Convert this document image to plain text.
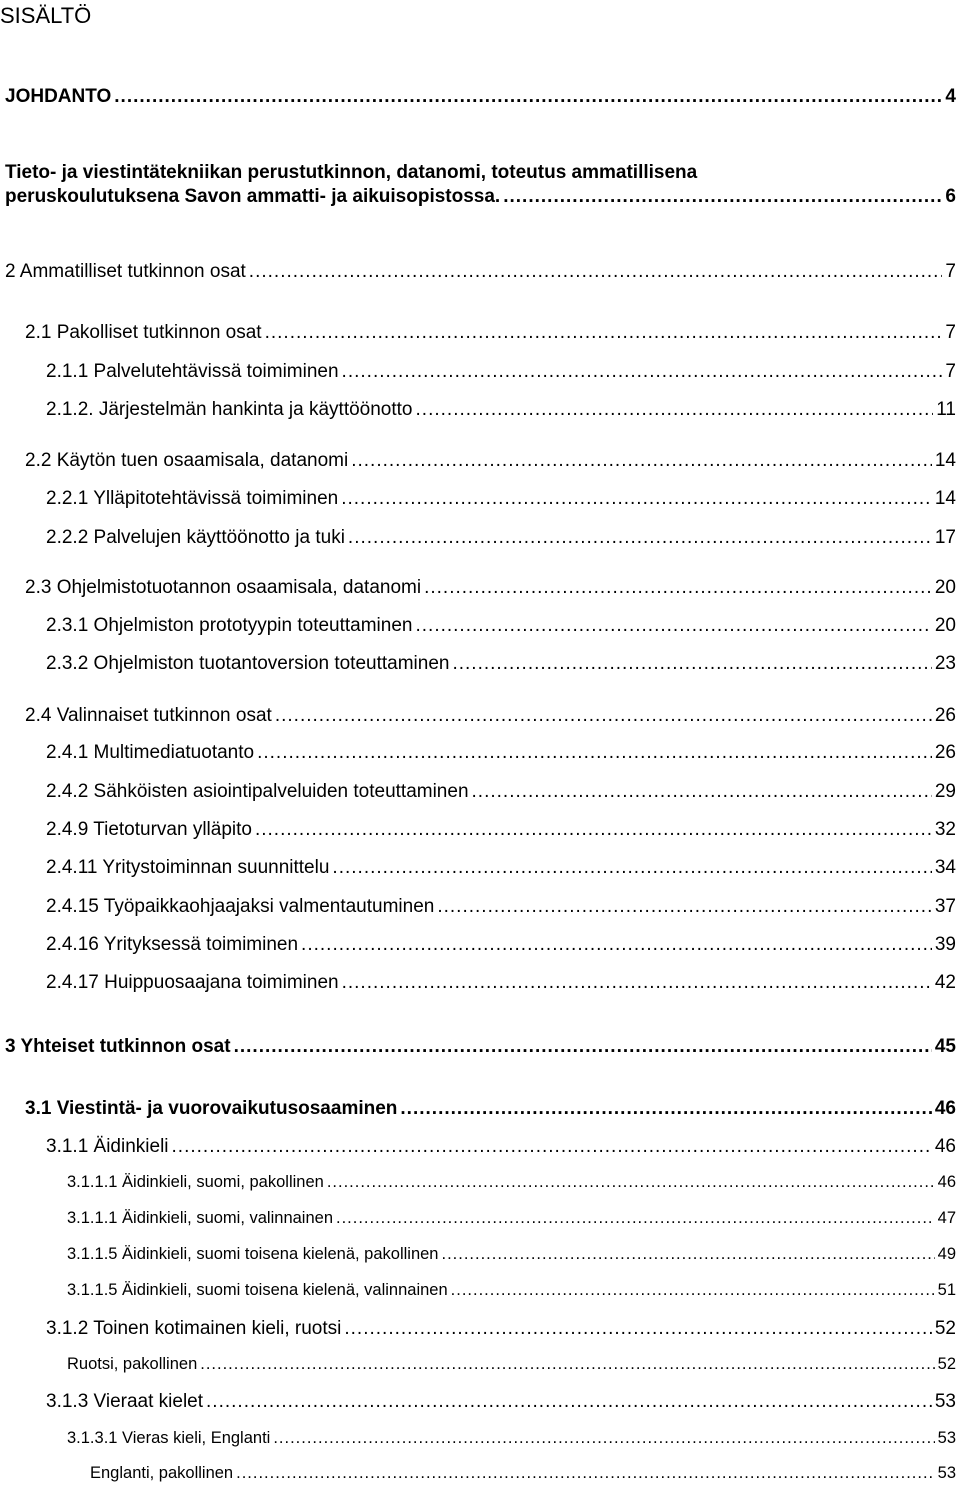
SISÄLTÖ
JOHDANTO .....	4
Tieto- ja viestintätekniikan perustutkinnon, datanomi, toteutus ammatillisena
peruskoulutuksena Savon ammatti- ja aikuisopistossa. .....	6
2 Ammatilliset tutkinnon osat .....	7
2.1 Pakolliset tutkinnon osat .....	7
2.1.1 Palvelutehtävissä toimiminen .....	7
2.1.2. Järjestelmän hankinta ja käyttöönotto .....	11
2.2 Käytön tuen osaamisala, datanomi .....	14
2.2.1 Ylläpitotehtävissä toimiminen .....	14
2.2.2 Palvelujen käyttöönotto ja tuki .....	17
2.3 Ohjelmistotuotannon osaamisala, datanomi .....	20
2.3.1 Ohjelmiston prototyypin toteuttaminen .....	20
2.3.2 Ohjelmiston tuotantoversion toteuttaminen .....	23
2.4 Valinnaiset tutkinnon osat .....	26
2.4.1 Multimediatuotanto .....	26
2.4.2 Sähköisten asiointipalveluiden toteuttaminen .....	29
2.4.9 Tietoturvan ylläpito .....	32
2.4.11 Yritystoiminnan suunnittelu .....	34
2.4.15 Työpaikkaohjaajaksi valmentautuminen .....	37
2.4.16 Yrityksessä toimiminen .....	39
2.4.17 Huippuosaajana toimiminen .....	42
3 Yhteiset tutkinnon osat .....	45
3.1 Viestintä- ja vuorovaikutusosaaminen .....	46
3.1.1 Äidinkieli .....	46
3.1.1.1 Äidinkieli, suomi, pakollinen .....	46
3.1.1.1 Äidinkieli, suomi, valinnainen .....	47
3.1.1.5 Äidinkieli, suomi toisena kielenä, pakollinen .....	49
3.1.1.5 Äidinkieli, suomi toisena kielenä, valinnainen .....	51
3.1.2 Toinen kotimainen kieli, ruotsi .....	52
Ruotsi, pakollinen .....	52
3.1.3 Vieraat kielet .....	53
3.1.3.1 Vieras kieli, Englanti .....	53
Englanti, pakollinen .....	53
